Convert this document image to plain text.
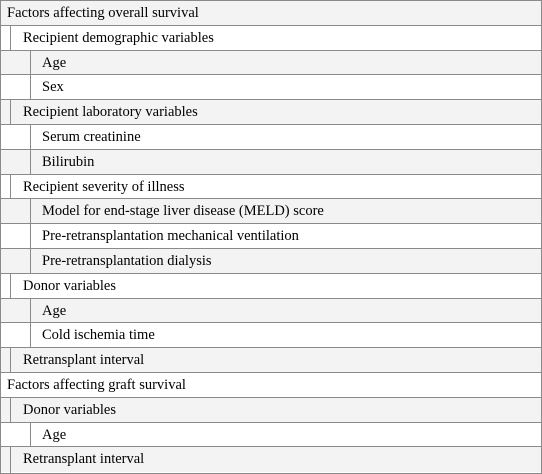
Factors affecting overall survival
Recipient demographic variables
Age
Sex
Recipient laboratory variables
Serum creatinine
Bilirubin
Recipient severity of illness
Model for end-stage liver disease (MELD) score
Pre-retransplantation mechanical ventilation
Pre-retransplantation dialysis
Donor variables
Age
Cold ischemia time
Retransplant interval
Factors affecting graft survival
Donor variables
Age
Retransplant interval
